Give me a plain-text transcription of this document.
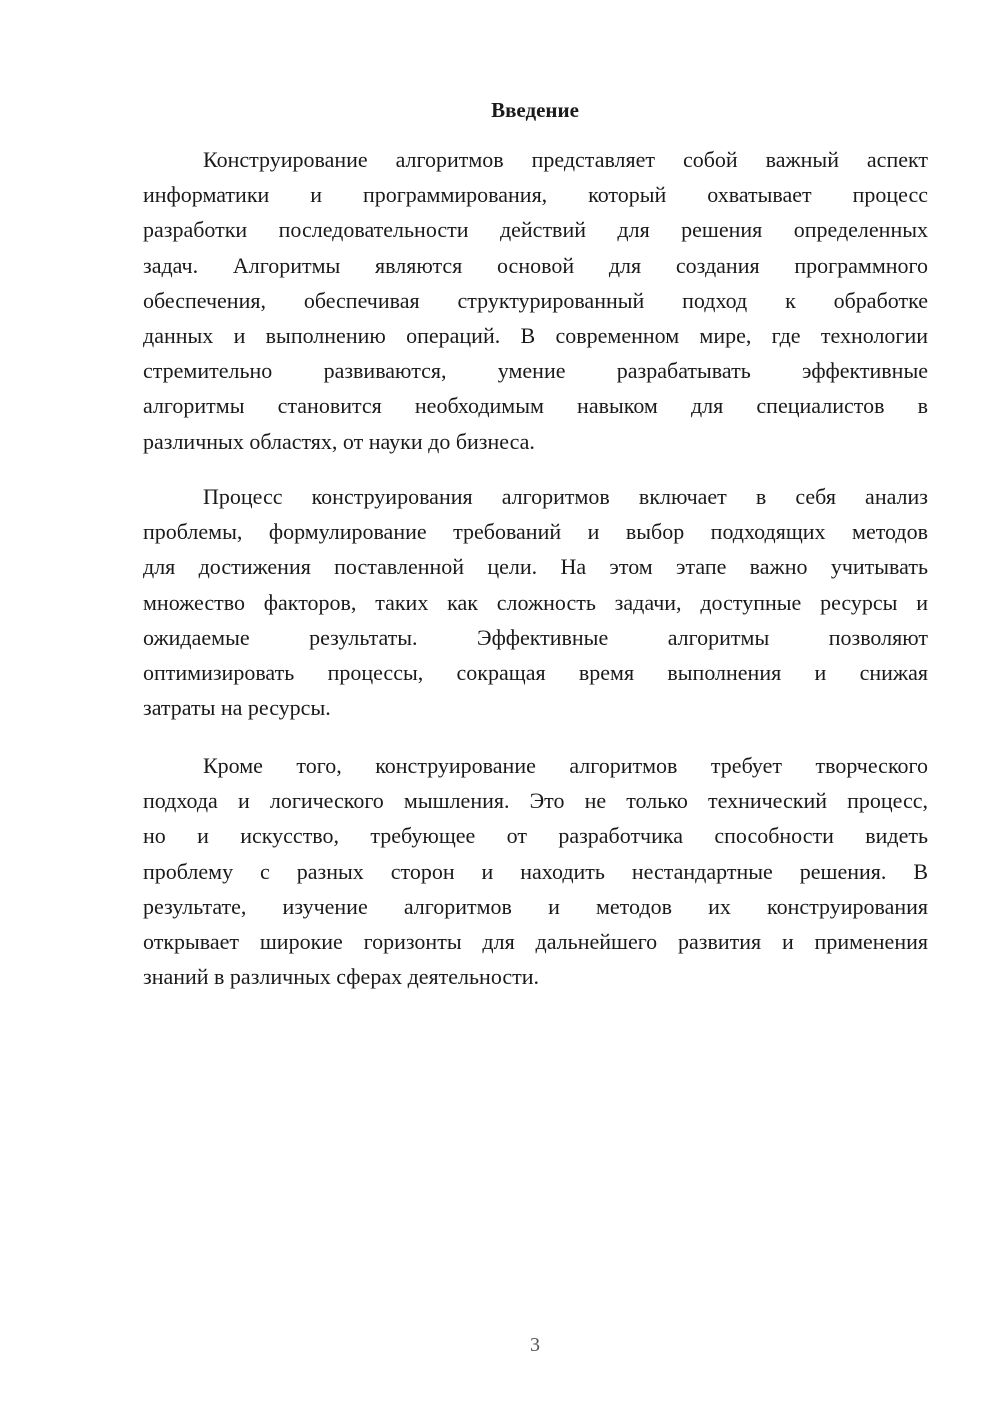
Введение
Конструирование алгоритмов представляет собой важный аспект
информатики и программирования, который охватывает процесс
разработки последовательности действий для решения определенных
задач. Алгоритмы являются основой для создания программного
обеспечения, обеспечивая структурированный подход к обработке
данных и выполнению операций. В современном мире, где технологии
стремительно развиваются, умение разрабатывать эффективные
алгоритмы становится необходимым навыком для специалистов в
различных областях, от науки до бизнеса.
Процесс конструирования алгоритмов включает в себя анализ
проблемы, формулирование требований и выбор подходящих методов
для достижения поставленной цели. На этом этапе важно учитывать
множество факторов, таких как сложность задачи, доступные ресурсы и
ожидаемые результаты. Эффективные алгоритмы позволяют
оптимизировать процессы, сокращая время выполнения и снижая
затраты на ресурсы.
Кроме того, конструирование алгоритмов требует творческого
подхода и логического мышления. Это не только технический процесс,
но и искусство, требующее от разработчика способности видеть
проблему с разных сторон и находить нестандартные решения. В
результате, изучение алгоритмов и методов их конструирования
открывает широкие горизонты для дальнейшего развития и применения
знаний в различных сферах деятельности.
3
